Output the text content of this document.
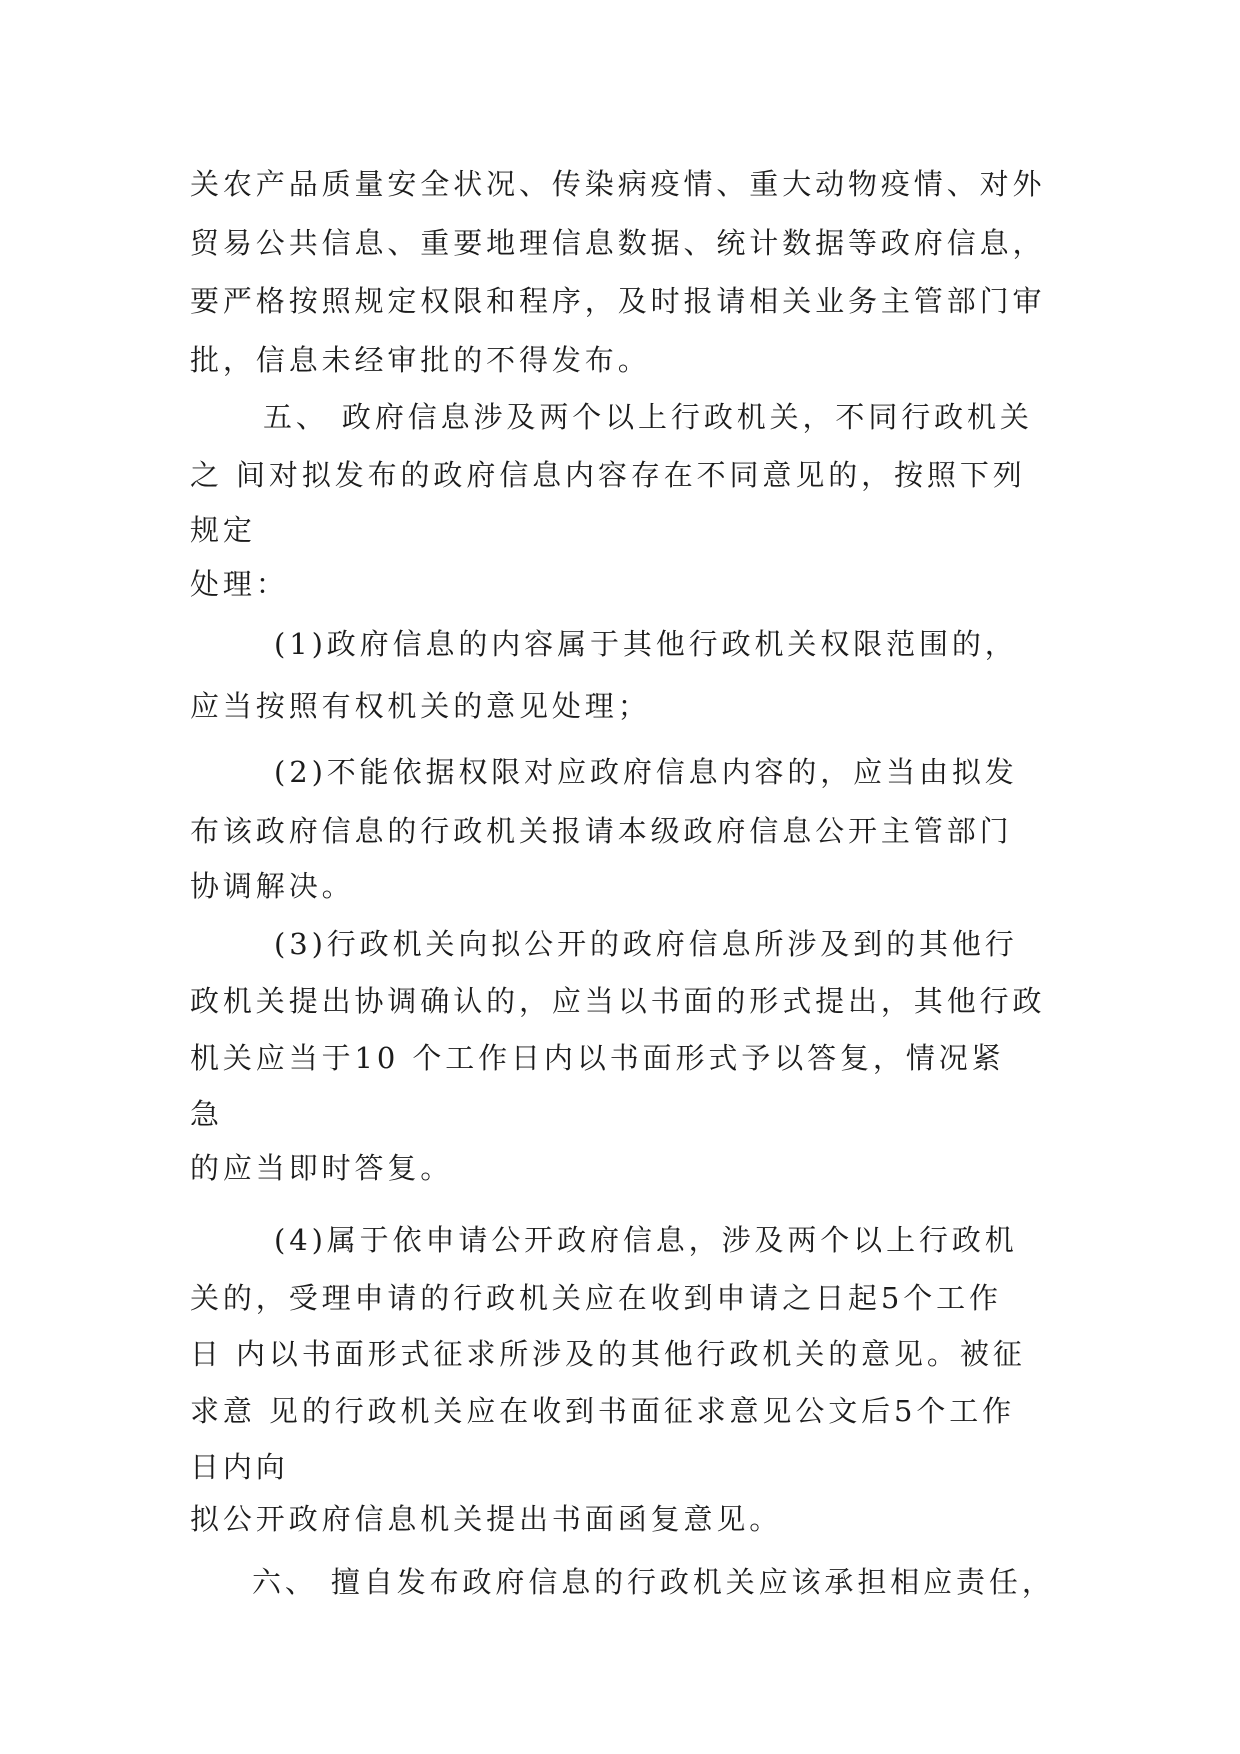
关农产品质量安全状况、传染病疫情、重大动物疫情、对外

贸易公共信息、重要地理信息数据、统计数据等政府信息，

要严格按照规定权限和程序，及时报请相关业务主管部门审

批，信息未经审批的不得发布。

五、 政府信息涉及两个以上行政机关，不同行政机关

之 间对拟发布的政府信息内容存在不同意见的，按照下列

规定

处理：

(1)政府信息的内容属于其他行政机关权限范围的，

应当按照有权机关的意见处理；

(2)不能依据权限对应政府信息内容的，应当由拟发

布该政府信息的行政机关报请本级政府信息公开主管部门

协调解决。

(3)行政机关向拟公开的政府信息所涉及到的其他行

政机关提出协调确认的，应当以书面的形式提出，其他行政

机关应当于10 个工作日内以书面形式予以答复，情况紧

急

的应当即时答复。

(4)属于依申请公开政府信息，涉及两个以上行政机

关的，受理申请的行政机关应在收到申请之日起5个工作

日 内以书面形式征求所涉及的其他行政机关的意见。被征

求意 见的行政机关应在收到书面征求意见公文后5个工作

日内向

拟公开政府信息机关提出书面函复意见。

六、 擅自发布政府信息的行政机关应该承担相应责任，
